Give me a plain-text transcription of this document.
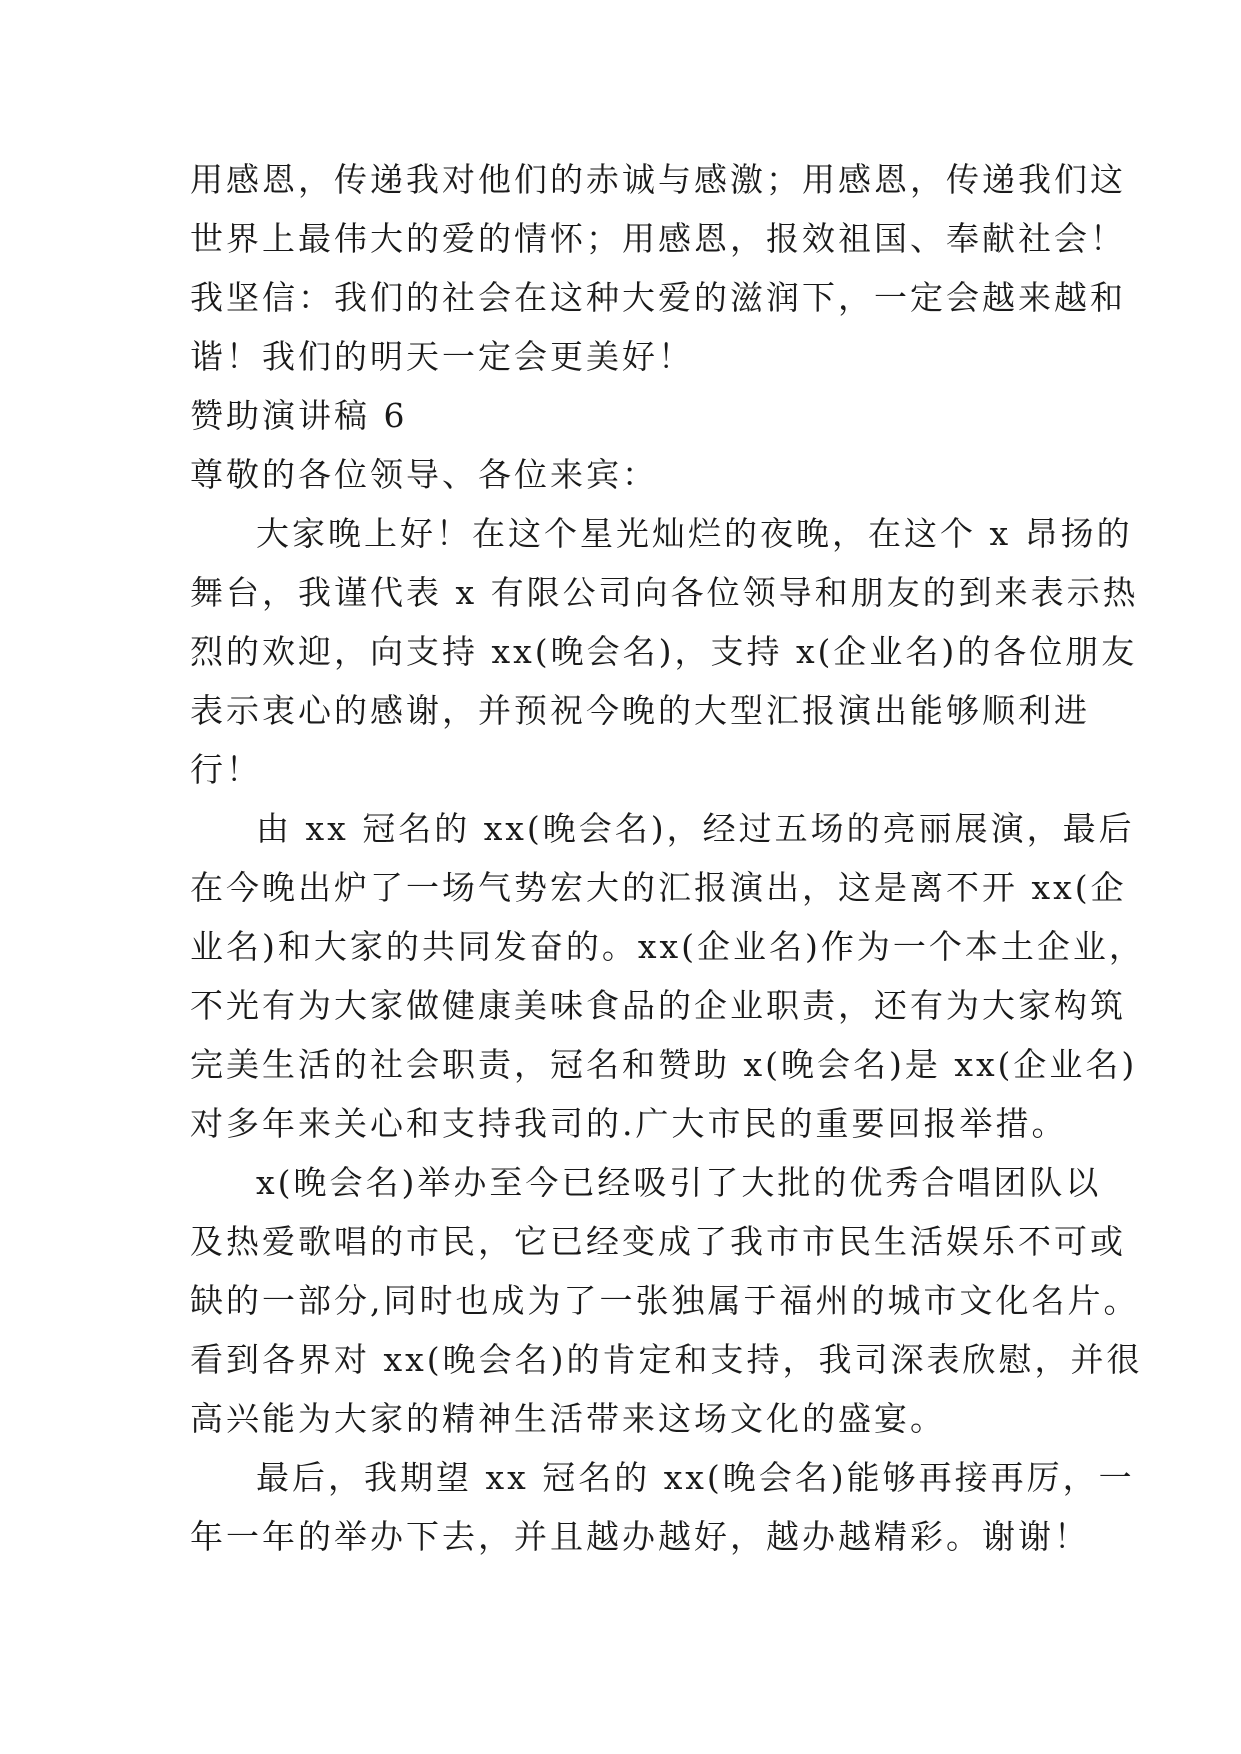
用感恩，传递我对他们的赤诚与感激；用感恩，传递我们这
世界上最伟大的爱的情怀；用感恩，报效祖国、奉献社会！
我坚信：我们的社会在这种大爱的滋润下，一定会越来越和
谐！我们的明天一定会更美好！

赞助演讲稿 6

尊敬的各位领导、各位来宾：

大家晚上好！在这个星光灿烂的夜晚，在这个 x 昂扬的
舞台，我谨代表 x 有限公司向各位领导和朋友的到来表示热
烈的欢迎，向支持 xx(晚会名)，支持 x(企业名)的各位朋友
表示衷心的感谢，并预祝今晚的大型汇报演出能够顺利进
行！

由 xx 冠名的 xx(晚会名)，经过五场的亮丽展演，最后
在今晚出炉了一场气势宏大的汇报演出，这是离不开 xx(企
业名)和大家的共同发奋的。xx(企业名)作为一个本土企业，
不光有为大家做健康美味食品的企业职责，还有为大家构筑
完美生活的社会职责，冠名和赞助 x(晚会名)是 xx(企业名)
对多年来关心和支持我司的.广大市民的重要回报举措。

x(晚会名)举办至今已经吸引了大批的优秀合唱团队以
及热爱歌唱的市民，它已经变成了我市市民生活娱乐不可或
缺的一部分,同时也成为了一张独属于福州的城市文化名片。
看到各界对 xx(晚会名)的肯定和支持，我司深表欣慰，并很
高兴能为大家的精神生活带来这场文化的盛宴。

最后，我期望 xx 冠名的 xx(晚会名)能够再接再厉，一
年一年的举办下去，并且越办越好，越办越精彩。谢谢！
